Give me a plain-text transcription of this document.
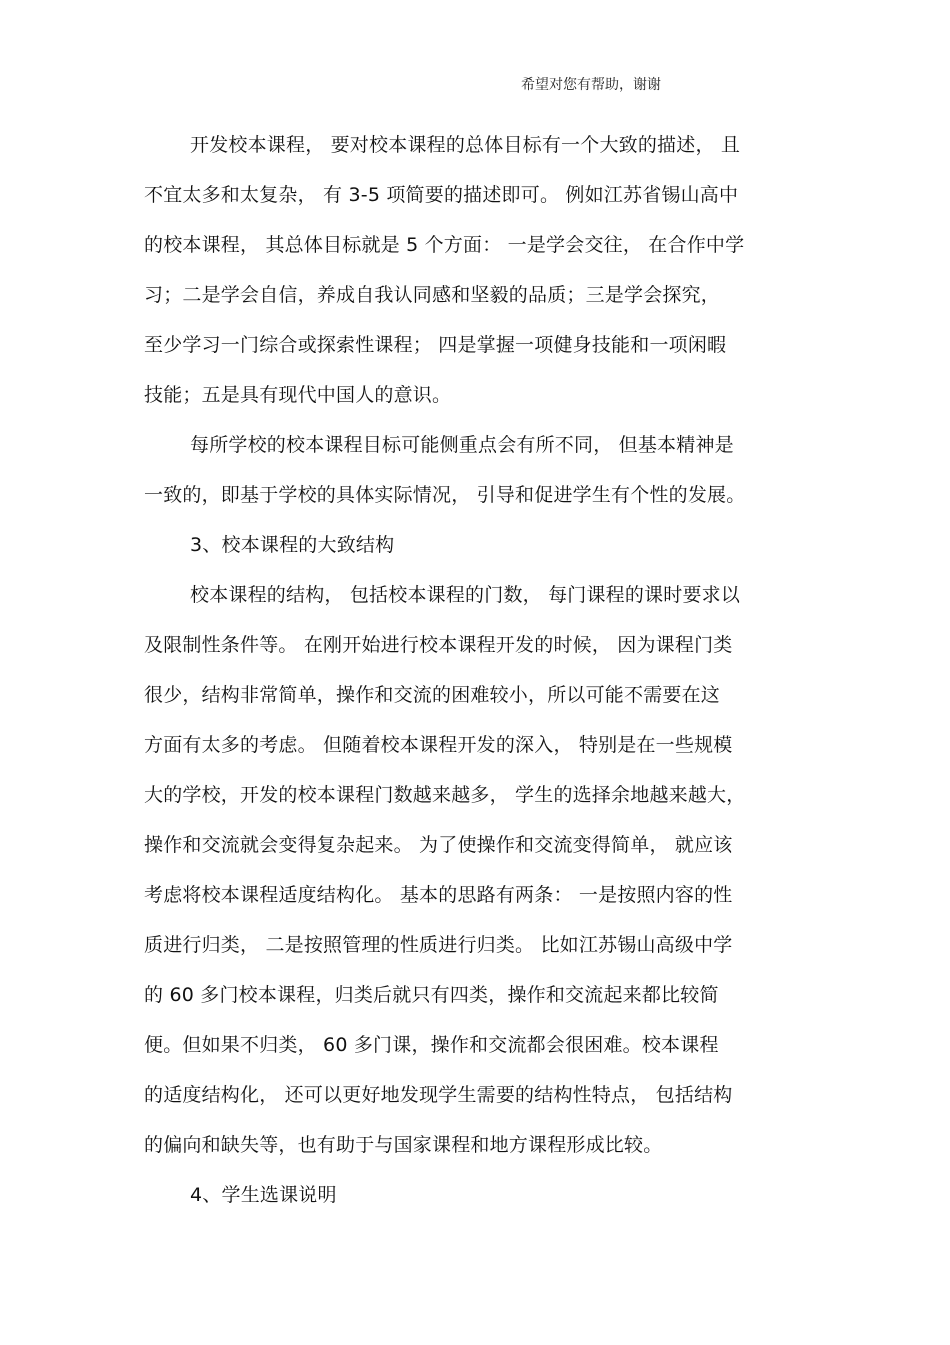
希望对您有帮助，谢谢
开发校本课程， 要对校本课程的总体目标有一个大致的描述， 且
不宜太多和太复杂， 有 3-5 项简要的描述即可。 例如江苏省锡山高中
的校本课程， 其总体目标就是 5 个方面： 一是学会交往， 在合作中学
习；二是学会自信，养成自我认同感和坚毅的品质；三是学会探究，
至少学习一门综合或探索性课程； 四是掌握一项健身技能和一项闲暇
技能；五是具有现代中国人的意识。
每所学校的校本课程目标可能侧重点会有所不同， 但基本精神是
一致的，即基于学校的具体实际情况， 引导和促进学生有个性的发展。
3、校本课程的大致结构
校本课程的结构， 包括校本课程的门数， 每门课程的课时要求以
及限制性条件等。 在刚开始进行校本课程开发的时候， 因为课程门类
很少，结构非常简单，操作和交流的困难较小，所以可能不需要在这
方面有太多的考虑。 但随着校本课程开发的深入， 特别是在一些规模
大的学校，开发的校本课程门数越来越多， 学生的选择余地越来越大，
操作和交流就会变得复杂起来。 为了使操作和交流变得简单， 就应该
考虑将校本课程适度结构化。 基本的思路有两条： 一是按照内容的性
质进行归类， 二是按照管理的性质进行归类。 比如江苏锡山高级中学
的 60 多门校本课程，归类后就只有四类，操作和交流起来都比较简
便。但如果不归类， 60 多门课，操作和交流都会很困难。校本课程
的适度结构化， 还可以更好地发现学生需要的结构性特点， 包括结构
的偏向和缺失等，也有助于与国家课程和地方课程形成比较。
4、学生选课说明
